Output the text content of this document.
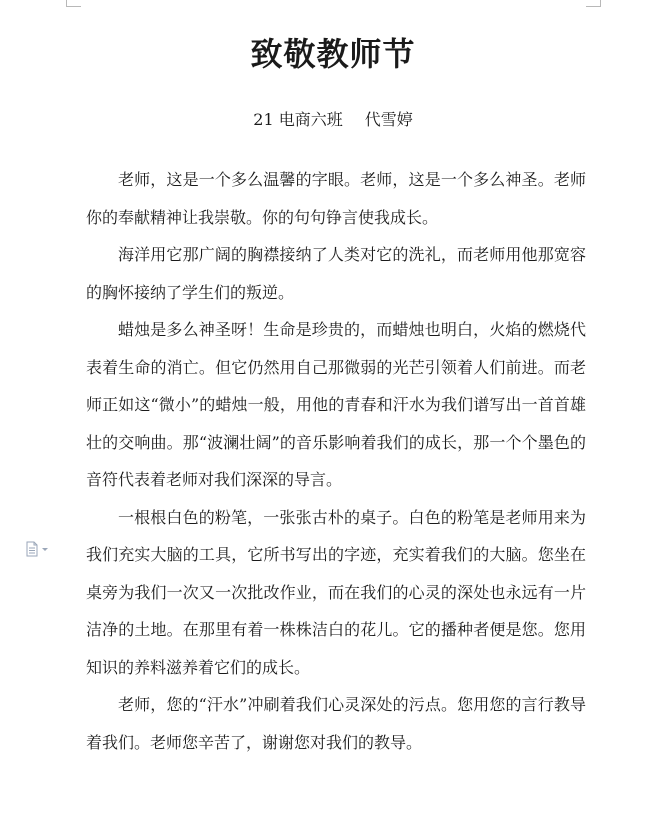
致敬教师节
21 电商六班 代雪婷

老师，这是一个多么温馨的字眼。老师，这是一个多么神圣。老师你的奉献精神让我崇敬。你的句句铮言使我成长。

海洋用它那广阔的胸襟接纳了人类对它的洗礼，而老师用他那宽容的胸怀接纳了学生们的叛逆。

蜡烛是多么神圣呀！生命是珍贵的，而蜡烛也明白，火焰的燃烧代表着生命的消亡。但它仍然用自己那微弱的光芒引领着人们前进。而老师正如这“微小”的蜡烛一般，用他的青春和汗水为我们谱写出一首首雄壮的交响曲。那“波澜壮阔”的音乐影响着我们的成长，那一个个墨色的音符代表着老师对我们深深的导言。

一根根白色的粉笔，一张张古朴的桌子。白色的粉笔是老师用来为我们充实大脑的工具，它所书写出的字迹，充实着我们的大脑。您坐在桌旁为我们一次又一次批改作业，而在我们的心灵的深处也永远有一片洁净的土地。在那里有着一株株洁白的花儿。它的播种者便是您。您用知识的养料滋养着它们的成长。

老师，您的“汗水”冲刷着我们心灵深处的污点。您用您的言行教导着我们。老师您辛苦了，谢谢您对我们的教导。
